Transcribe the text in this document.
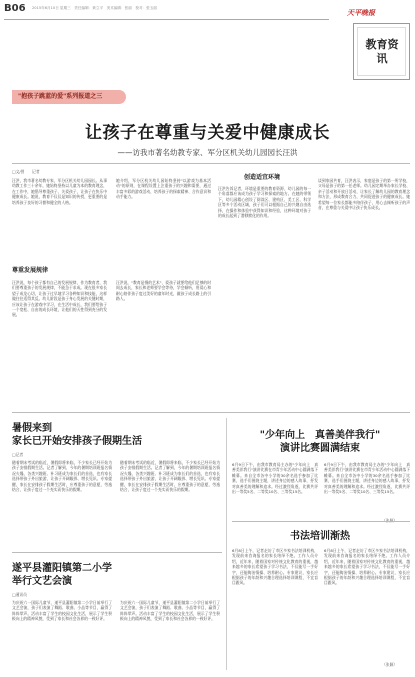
B06 2015年6月10日 星期三　责任编辑：黄立平　美术编辑：张丽　校对：张玉丽
天平晚报
教育资讯
"抱孩子跳蓝的爱"系列报道之三
让孩子在尊重与关爱中健康成长
——访我市著名幼教专家、军分区机关幼儿园园长汪洪
□文/图　　记者　　
汪洪，我市著名幼教专家，军分区机关幼儿园园长。从事幼教工作三十余年，她始终坚持以儿童为本的教育理念，在工作中，她倡导尊重孩子、关爱孩子，让孩子在快乐中健康成长。她说，教育不仅仅是知识的传授，更重要的是培养孩子良好的习惯和健全的人格。
尊重发展规律
汪洪说，每个孩子都有自己的发展规律，作为教育者，我们要尊重孩子的发展规律，不能急于求成。现在很多家长望子成龙心切，让孩子过早地学习各种知识和技能，这样做往往适得其反。幼儿阶段是孩子身心发展的关键时期，应该让孩子在游戏中学习，在生活中成长，我们要给孩子一个宽松、自由的成长环境，让他们的天性得到充分的发展。
她介绍，军分区机关幼儿园始终坚持"以游戏为基本活动"的原则，在课程设置上注重孩子的兴趣和需要，通过丰富多彩的游戏活动，培养孩子的探索精神、合作意识和动手能力。
汪洪说，"教育是慢的艺术"，爱孩子就要给他们足够的时间去成长，家长和老师要学会等待，学会倾听，用爱心和耐心陪伴孩子度过美好的童年时光，做孩子成长路上的引路人。
创造适宜环境
汪洪告诉记者，环境是重要的教育资源，幼儿园的每一个角落都应该成为孩子学习和探索的地方。在她的带领下，幼儿园精心创设了阅读区、建构区、美工区、科学区等多个活动区域，孩子们可以根据自己的兴趣自由选择，在操作和体验中获得知识和经验，这种环境对孩子的成长起到了潜移默化的作用。
谈到家园共育，汪洪表示，家庭是孩子的第一所学校，父母是孩子的第一任老师。幼儿园定期举办家长学校、亲子活动和开放日活动，让家长了解幼儿园的教育理念和方法，形成教育合力，共同促进孩子的健康成长。她希望每一位家长都能多陪伴孩子，用心去倾听孩子的声音，在尊重与关爱中让孩子快乐成长。
暑假来到
家长已开始安排孩子假期生活
□记者　　
随着期末考试的临近，暑假即将来临，不少家长已经开始为孩子安排假期生活。记者了解到，今年的暑期培训班报名情况火爆，各类兴趣班、补习班成为家长们的首选，也有家长选择带孩子外出旅游，让孩子开阔眼界、增长见识。专家提醒，家长在安排孩子假期生活时，应尊重孩子的意愿，劳逸结合，让孩子度过一个充实而快乐的假期。
随着期末考试的临近，暑假即将来临，不少家长已经开始为孩子安排假期生活。记者了解到，今年的暑期培训班报名情况火爆，各类兴趣班、补习班成为家长们的首选，也有家长选择带孩子外出旅游，让孩子开阔眼界、增长见识。专家提醒，家长在安排孩子假期生活时，应尊重孩子的意愿，劳逸结合，让孩子度过一个充实而快乐的假期。
遂平县灌阳镇第二小学
举行文艺会演
□通讯员　　
为庆祝六一国际儿童节，遂平县灌阳镇第二小学日前举行了文艺会演，孩子们表演了舞蹈、歌曲、小品等节目，赢得了阵阵掌声。活动丰富了学生的校园文化生活，展示了学生积极向上的精神风貌，受到了家长和社会各界的一致好评。
为庆祝六一国际儿童节，遂平县灌阳镇第二小学日前举行了文艺会演，孩子们表演了舞蹈、歌曲、小品等节目，赢得了阵阵掌声。活动丰富了学生的校园文化生活，展示了学生积极向上的精神风貌，受到了家长和社会各界的一致好评。
"少年向上　真善美伴我行"
演讲比赛圆满结束
6月9日下午，由我市教育局主办的"少年向上　真善美伴我行"演讲比赛在市青少年活动中心圆满落下帷幕。来自全市各中小学的30余名选手参加了比赛，选手们围绕主题，讲述身边的感人故事，抒发对真善美的理解和追求。经过激烈角逐，比赛共评出一等奖5名、二等奖10名、三等奖15名。
6月9日下午，由我市教育局主办的"少年向上　真善美伴我行"演讲比赛在市青少年活动中心圆满落下帷幕。来自全市各中小学的30余名选手参加了比赛，选手们围绕主题，讲述身边的感人故事，抒发对真善美的理解和追求。经过激烈角逐，比赛共评出一等奖5名、二等奖10名、三等奖15名。
书法培训渐热
6月8日上午，记者走访了市区多家书法培训机构，发现前来咨询报名的家长络绎不绝。工作人员介绍，近年来，随着国家对传统文化教育的重视，越来越多的家长希望孩子学习书法，不仅能写一手好字，还能陶冶情操、培养耐心。专家建议，家长应根据孩子的年龄和兴趣合理选择培训课程，不宜盲目跟风。
6月8日上午，记者走访了市区多家书法培训机构，发现前来咨询报名的家长络绎不绝。工作人员介绍，近年来，随着国家对传统文化教育的重视，越来越多的家长希望孩子学习书法，不仅能写一手好字，还能陶冶情操、培养耐心。专家建议，家长应根据孩子的年龄和兴趣合理选择培训课程，不宜盲目跟风。
（张颖）
